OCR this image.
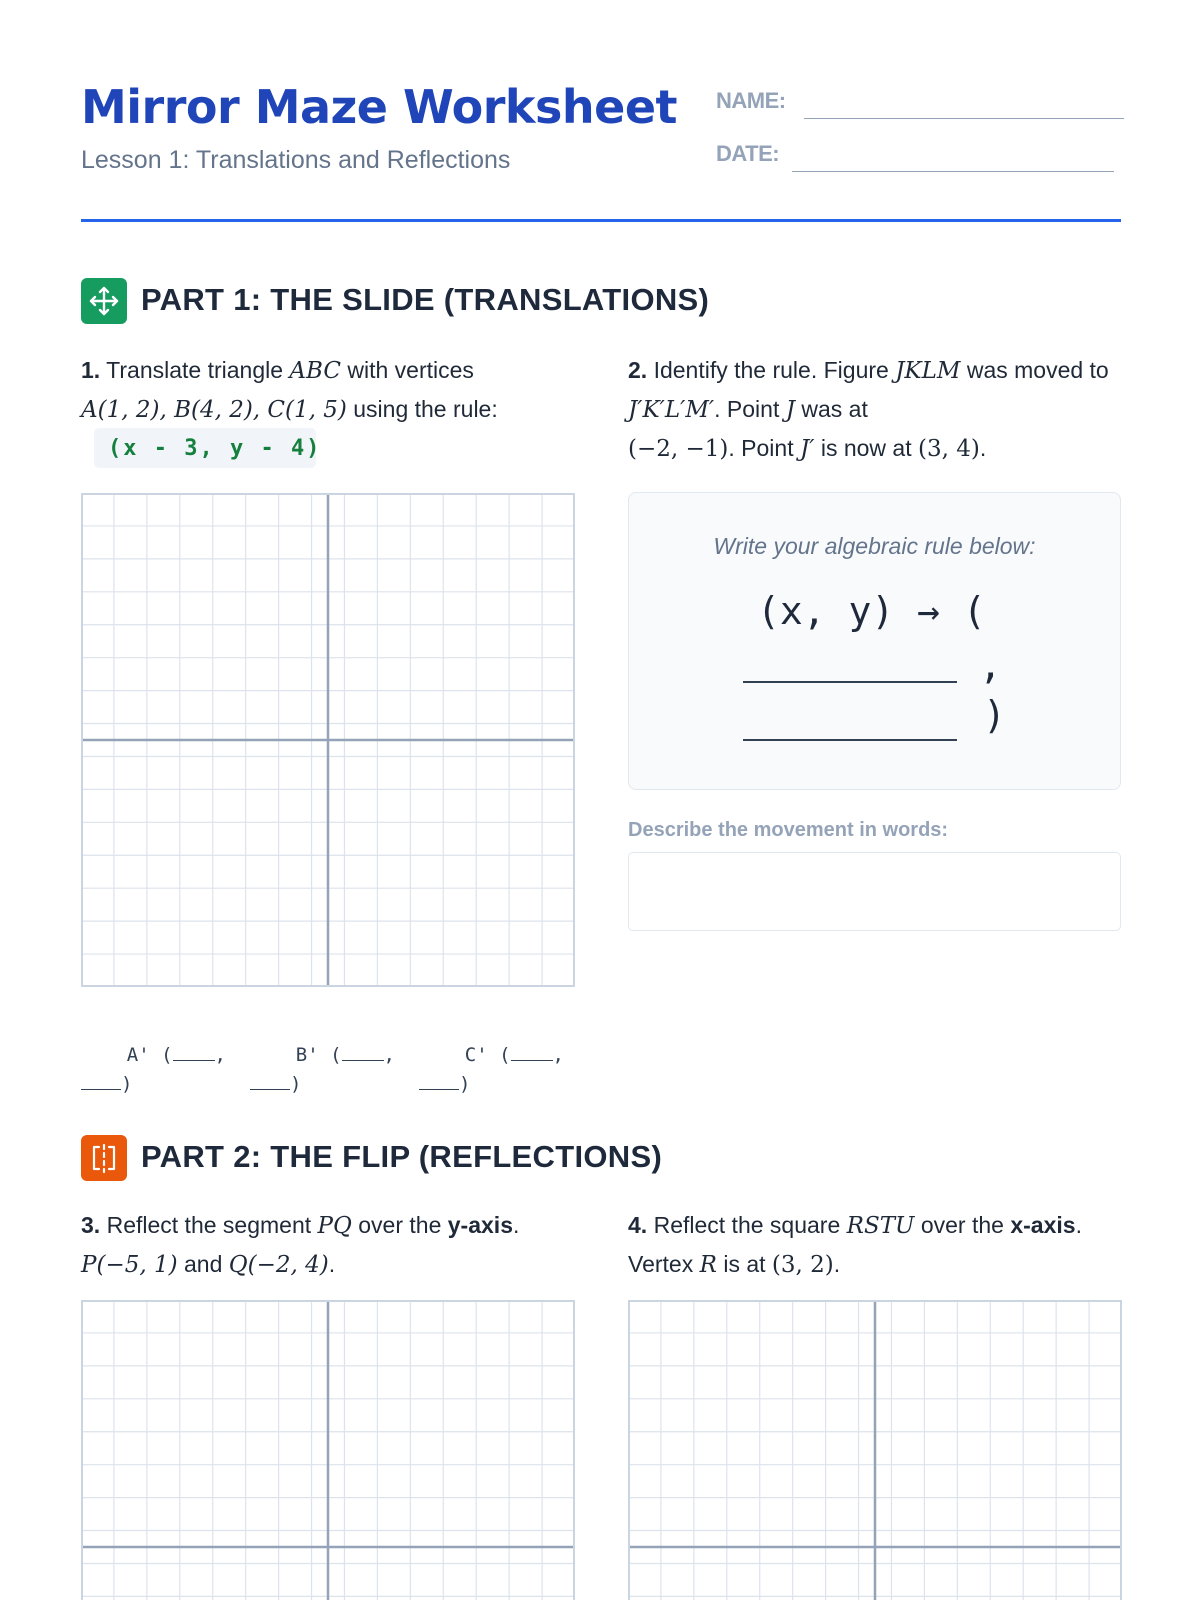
Mirror Maze Worksheet
Lesson 1: Translations and Reflections
NAME:
DATE:
PART 1: THE SLIDE (TRANSLATIONS)
1. Translate triangle ABC with vertices
A(1, 2), B(4, 2), C(1, 5) using the rule:
(x - 3, y - 4)

A' ( ,
)

B' ( ,
)

C' ( ,
)

2. Identify the rule. Figure JKLM was moved to J′K′L′M′. Point J was at
(−2, −1). Point J′ is now at (3, 4).
Write your algebraic rule below:
(x, y) → (
,
)
Describe the movement in words:
PART 2: THE FLIP (REFLECTIONS)
3. Reflect the segment PQ over the y-axis.
P(−5, 1) and Q(−2, 4).
4. Reflect the square RSTU over the x-axis. Vertex R is at (3, 2).
